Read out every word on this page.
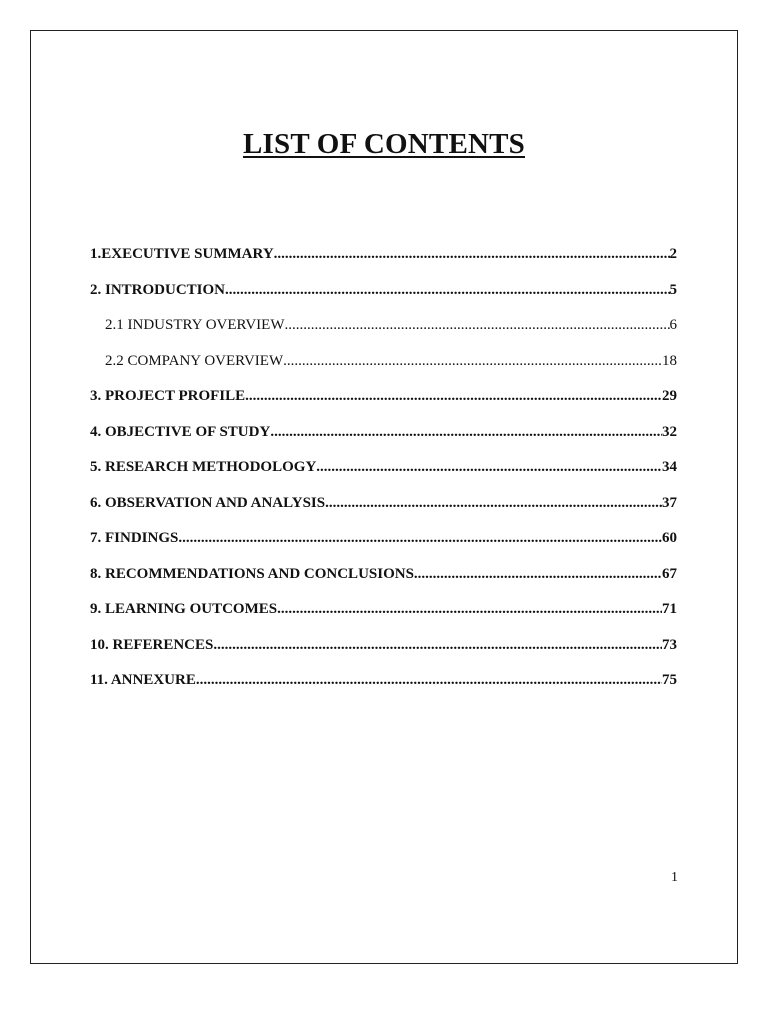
LIST OF CONTENTS
1.EXECUTIVE SUMMARY .....	2
2. INTRODUCTION .....	5
2.1 INDUSTRY OVERVIEW .....	6
2.2 COMPANY OVERVIEW .....	18
3. PROJECT PROFILE .....	29
4. OBJECTIVE OF STUDY .....	32
5. RESEARCH METHODOLOGY .....	34
6. OBSERVATION AND ANALYSIS .....	37
7. FINDINGS .....	60
8. RECOMMENDATIONS AND CONCLUSIONS .....	67
9. LEARNING OUTCOMES .....	71
10. REFERENCES .....	73
11. ANNEXURE .....	75
1
